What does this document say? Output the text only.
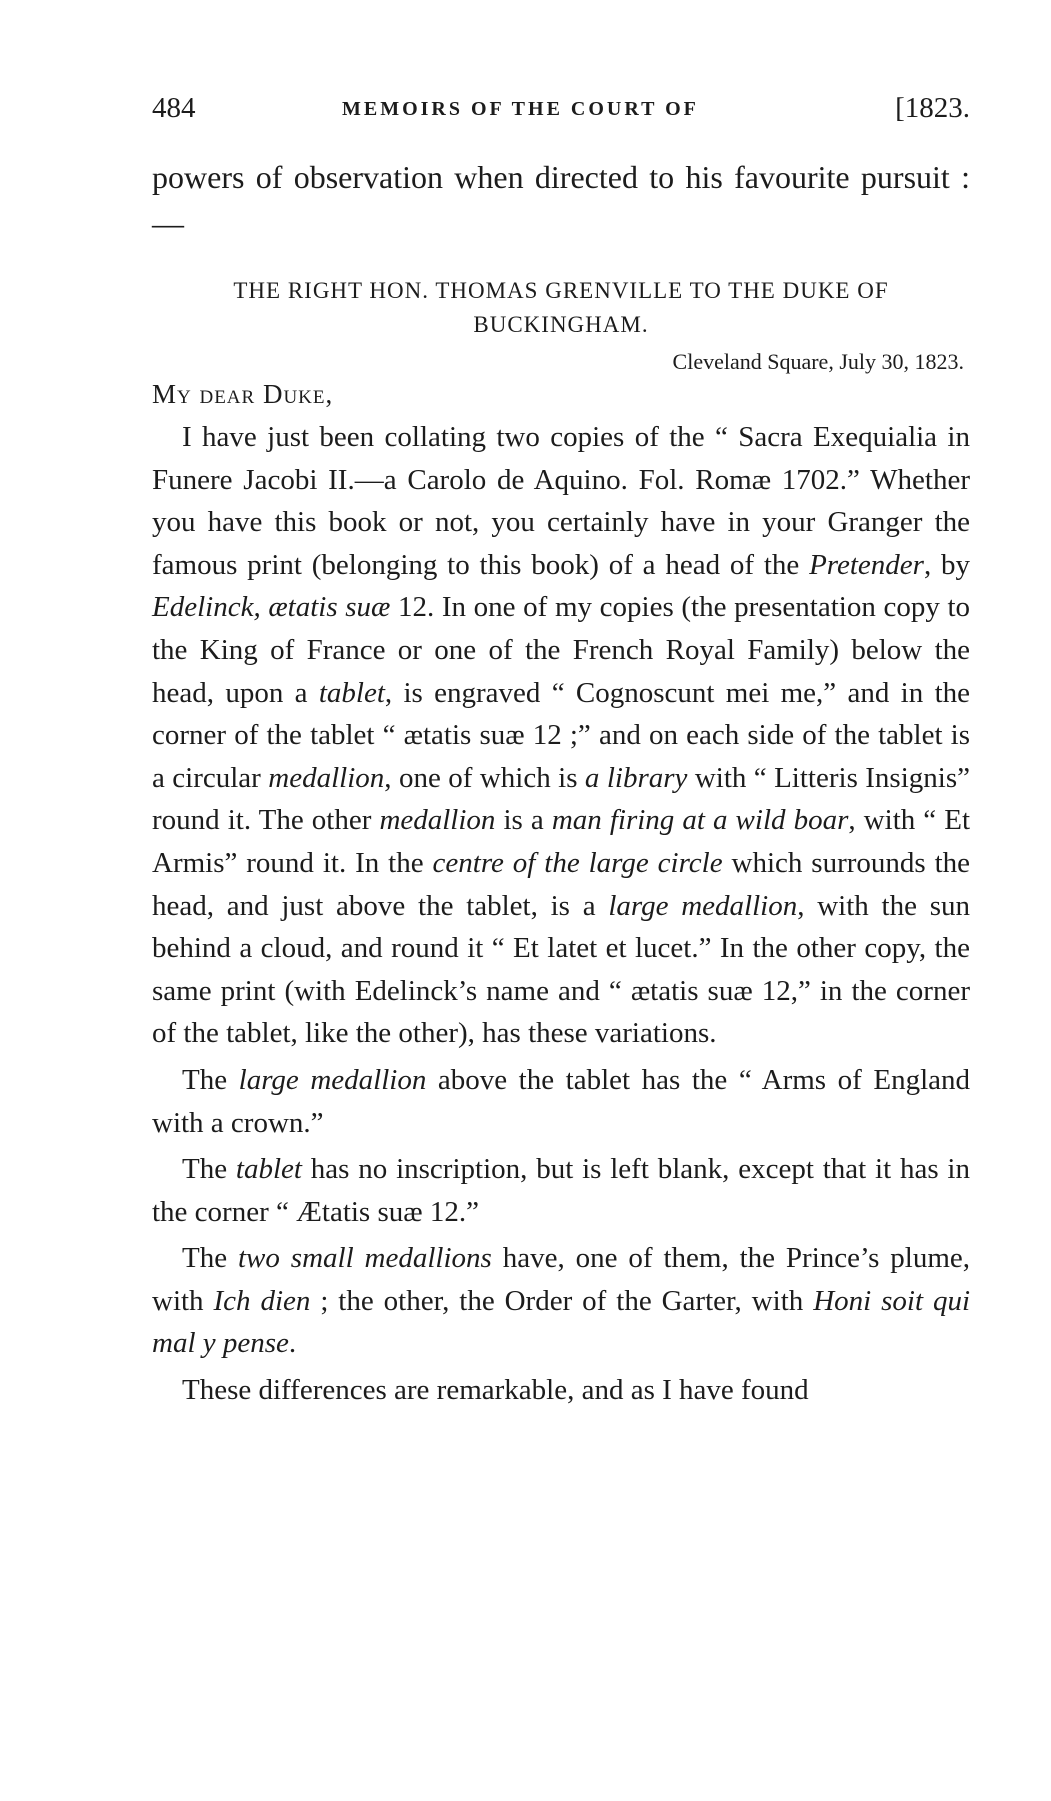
484	MEMOIRS OF THE COURT OF	[1823.

powers of observation when directed to his favourite pursuit :—

THE RIGHT HON. THOMAS GRENVILLE TO THE DUKE OF BUCKINGHAM.
Cleveland Square, July 30, 1823.
My dear Duke,

I have just been collating two copies of the “ Sacra Exequialia in Funere Jacobi II.—a Carolo de Aquino. Fol. Romæ 1702.” Whether you have this book or not, you certainly have in your Granger the famous print (belonging to this book) of a head of the Pretender, by Edelinck, ætatis suæ 12. In one of my copies (the presentation copy to the King of France or one of the French Royal Family) below the head, upon a tablet, is engraved “ Cognoscunt mei me,” and in the corner of the tablet “ ætatis suæ 12 ;” and on each side of the tablet is a circular medallion, one of which is a library with “ Litteris Insignis” round it. The other medallion is a man firing at a wild boar, with “ Et Armis” round it. In the centre of the large circle which surrounds the head, and just above the tablet, is a large medallion, with the sun behind a cloud, and round it “ Et latet et lucet.” In the other copy, the same print (with Edelinck’s name and “ ætatis suæ 12,” in the corner of the tablet, like the other), has these variations.

The large medallion above the tablet has the “ Arms of England with a crown.”

The tablet has no inscription, but is left blank, except that it has in the corner “ Ætatis suæ 12.”

The two small medallions have, one of them, the Prince’s plume, with Ich dien ; the other, the Order of the Garter, with Honi soit qui mal y pense.

These differences are remarkable, and as I have found
